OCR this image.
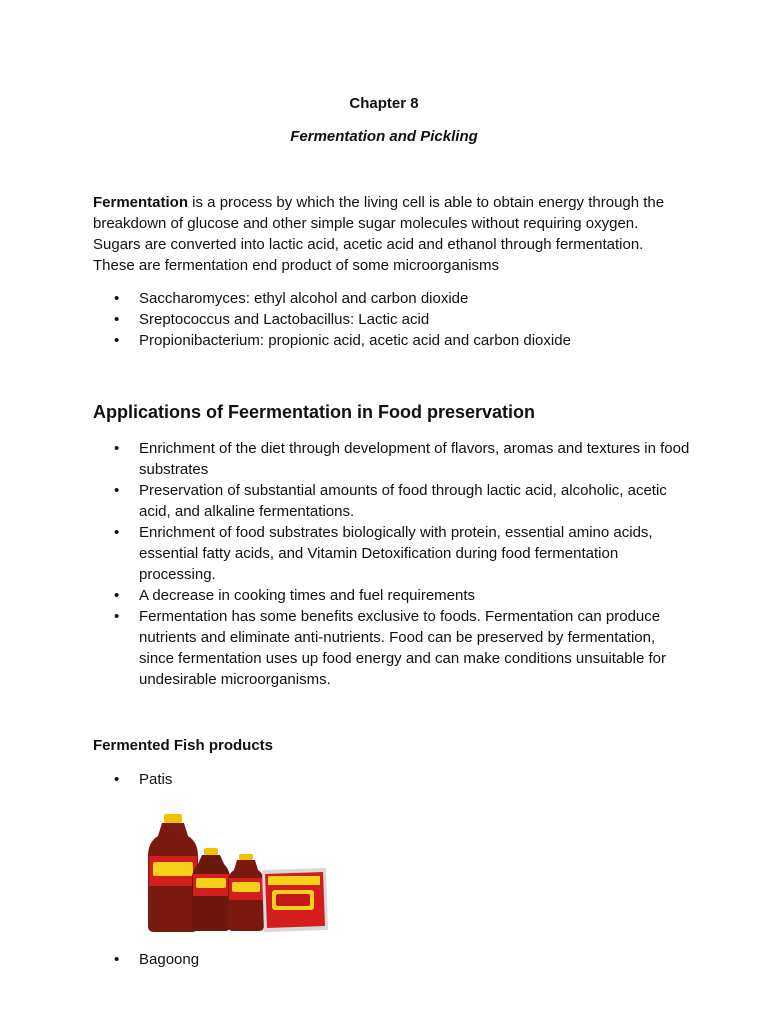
Chapter 8
Fermentation and Pickling

Fermentation is a process by which the living cell is able to obtain energy through the breakdown of glucose and other simple sugar molecules without requiring oxygen. Sugars are converted into lactic acid, acetic acid and ethanol through fermentation. These are fermentation end product of some microorganisms

• Saccharomyces: ethyl alcohol and carbon dioxide
• Sreptococcus and Lactobacillus: Lactic acid
• Propionibacterium: propionic acid, acetic acid and carbon dioxide
Applications of Feermentation in Food preservation
• Enrichment of the diet through development of flavors, aromas and textures in food substrates
• Preservation of substantial amounts of food through lactic acid, alcoholic, acetic acid, and alkaline fermentations.
• Enrichment of food substrates biologically with protein, essential amino acids, essential fatty acids, and Vitamin Detoxification during food fermentation processing.
• A decrease in cooking times and fuel requirements
• Fermentation has some benefits exclusive to foods. Fermentation can produce nutrients and eliminate anti-nutrients. Food can be preserved by fermentation, since fermentation uses up food energy and can make conditions unsuitable for undesirable microorganisms.
Fermented Fish products
• Patis
• Bagoong
